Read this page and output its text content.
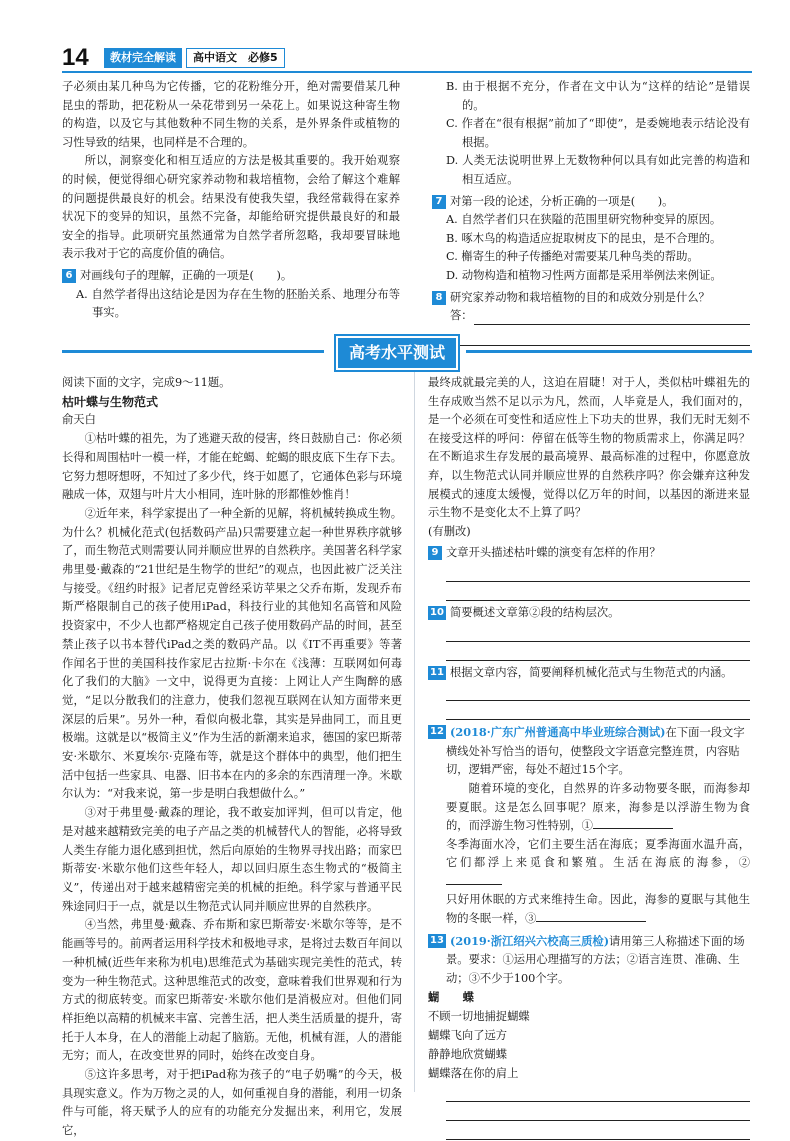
14	教材完全解读	高中语文　 必修5

子必须由某几种鸟为它传播，它的花粉维分开，绝对需要借某几种昆虫的帮助，把花粉从一朵花带到另一朵花上。如果说这种寄生物的构造，以及它与其他数种不同生物的关系，是外界条件或植物的习性导致的结果，也同样是不合理的。

所以，洞察变化和相互适应的方法是极其重要的。我开始观察的时候，便觉得细心研究家养动物和栽培植物，会给了解这个难解的问题提供最良好的机会。结果没有使我失望，我经常载得在家养状况下的变异的知识，虽然不完备，却能给研究提供最良好的和最安全的指导。此项研究虽然通常为自然学者所忽略，我却要冒昧地表示我对于它的高度价值的确信。

6 对画线句子的理解，正确的一项是(　　)。

A. 自然学者得出这结论是因为存在生物的胚胎关系、地理分布等事实。

B. 由于根据不充分，作者在文中认为“这样的结论”是错误的。

C. 作者在“很有根据”前加了“即使”，是委婉地表示结论没有根据。

D. 人类无法说明世界上无数物种何以具有如此完善的构造和相互适应。

7 对第一段的论述，分析正确的一项是(　　)。

A. 自然学者们只在狭隘的范围里研究物种变异的原因。

B. 啄木鸟的构造适应捉取树皮下的昆虫，是不合理的。

C. 槲寄生的种子传播绝对需要某几种鸟类的帮助。

D. 动物构造和植物习性两方面都是采用举例法来例证。

8 研究家养动物和栽培植物的目的和成效分别是什么？
答：
高考水平测试

阅读下面的文字，完成9～11题。

枯叶蝶与生物范式

俞天白

①枯叶蝶的祖先，为了逃避天敌的侵害，终日鼓励自己：你必须长得和周围枯叶一模一样，才能在蛇蝎、蛇蝎的眼皮底下生存下去。它努力想呀想呀，不知过了多少代，终于如愿了，它通体色彩与环境融成一体，双翅与叶片大小相同，连叶脉的形都惟妙惟肖！

②近年来，科学家提出了一种全新的见解，将机械转换成生物。为什么？机械化范式(包括数码产品)只需要建立起一种世界秩序就够了，而生物范式则需要认同并顺应世界的自然秩序。美国著名科学家弗里曼·戴森的“21世纪是生物学的世纪”的观点，也因此被广泛关注与接受。《纽约时报》记者尼克曾经采访苹果之父乔布斯，发现乔布斯严格限制自己的孩子使用iPad，科技行业的其他知名高管和风险投资家中，不少人也都严格规定自己孩子使用数码产品的时间，甚至禁止孩子以书本替代iPad之类的数码产品。以《IT不再重要》等著作闻名于世的美国科技作家尼古拉斯·卡尔在《浅薄：互联网如何毒化了我们的大脑》一文中，说得更为直接：上网让人产生陶醉的感觉，“足以分散我们的注意力，使我们忽视互联网在认知方面带来更深层的后果”。另外一种，看似向极北靠，其实是异曲同工，而且更极端。这就是以“极简主义”作为生活的新潮来追求，德国的家巴斯蒂安·米歇尔、米夏埃尔·克隆布等，就是这个群体中的典型，他们把生活中包括一些家具、电器、旧书本在内的多余的东西清理一净。米歇尔认为：“对我来说，第一步是明白我想做什么。”

③对于弗里曼·戴森的理论，我不敢妄加评判，但可以肯定，他是对越来越精致完美的电子产品之类的机械替代人的智能，必将导致人类生存能力退化感到担忧，然后向原始的生物界寻找出路；而家巴斯蒂安·米歇尔他们这些年轻人，却以回归原生态生物式的“极简主义”，传递出对于越来越精密完美的机械的拒绝。科学家与普通平民殊途同归于一点，就是以生物范式认同并顺应世界的自然秩序。

④当然，弗里曼·戴森、乔布斯和家巴斯蒂安·米歇尔等等，是不能画等号的。前两者运用科学技术和极地寻求，是将过去数百年间以一种机械(近些年来称为机电)思维范式为基础实现完美性的范式，转变为一种生物范式。这种思维范式的改变，意味着我们世界观和行为方式的彻底转变。而家巴斯蒂安·米歇尔他们是消极应对。但他们同样拒绝以高精的机械来丰富、完善生活，把人类生活质量的提升，寄托于人本身，在人的潜能上动起了脑筋。无他，机械有涯，人的潜能无穷；而人，在改变世界的同时，始终在改变自身。

⑤这许多思考，对于把iPad称为孩子的“电子奶嘴”的今天，极具现实意义。作为万物之灵的人，如何重视自身的潜能，利用一切条件与可能，将天赋予人的应有的功能充分发掘出来，利用它，发展它，

最终成就最完美的人，这迫在眉睫！对于人，类似枯叶蝶祖先的生存成败当然不足以示为凡，然而，人毕竟是人，我们面对的，是一个必须在可变性和适应性上下功夫的世界，我们无时无刻不在接受这样的呼问：停留在低等生物的物质需求上，你满足吗？在不断追求生存发展的最高境界、最高标准的过程中，你愿意放弃，以生物范式认同并顺应世界的自然秩序吗？你会嫌弃这种发展模式的速度太缓慢，觉得以亿万年的时间，以基因的渐进来显示生物不是变化太不上算了吗？

(有删改)

9 文章开头描述枯叶蝶的演变有怎样的作用？
10 简要概述文章第②段的结构层次。
11 根据文章内容，简要阐释机械化范式与生物范式的内涵。
12 (2018·广东广州普通高中毕业班综合测试)在下面一段文字横线处补写恰当的语句，使整段文字语意完整连贯，内容贴切，逻辑严密，每处不超过15个字。

随着环境的变化，自然界的许多动物要冬眠，而海参却要夏眠。这是怎么回事呢？原来，海参是以浮游生物为食的，而浮游生物习性特别，①

冬季海面水冷，它们主要生活在海底；夏季海面水温升高，它们都浮上来觅食和繁殖。生活在海底的海参，②

只好用休眠的方式来维持生命。因此，海参的夏眠与其他生物的冬眠一样，③

13 (2019·浙江绍兴六校高三质检)请用第三人称描述下面的场景。要求：①运用心理描写的方法；②语言连贯、准确、生动；③不少于100个字。

蝴　蝶

不顾一切地捕捉蝴蝶

蝴蝶飞向了远方

静静地欣赏蝴蝶

蝴蝶落在你的肩上
